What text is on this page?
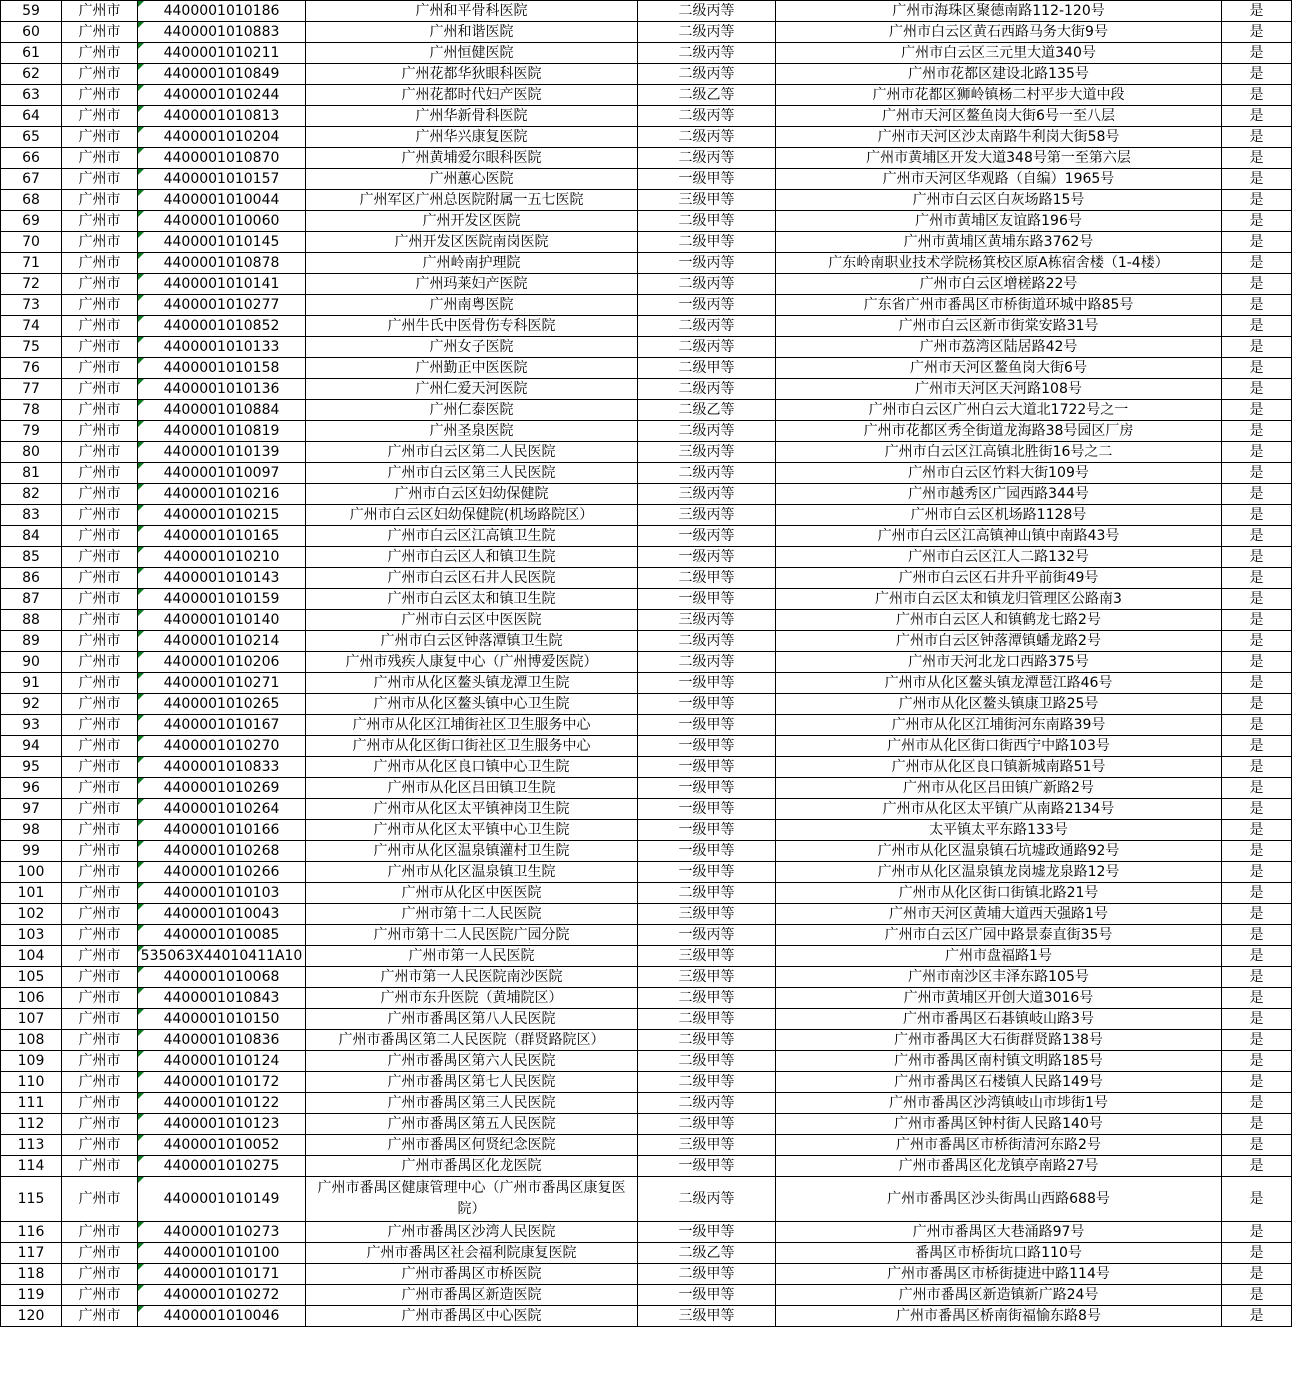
59	广州市	4400001010186	广州和平骨科医院	二级丙等	广州市海珠区聚德南路112-120号	是
60	广州市	4400001010883	广州和谐医院	二级丙等	广州市白云区黄石西路马务大街9号	是
61	广州市	4400001010211	广州恒健医院	二级丙等	广州市白云区三元里大道340号	是
62	广州市	4400001010849	广州花都华狄眼科医院	二级丙等	广州市花都区建设北路135号	是
63	广州市	4400001010244	广州花都时代妇产医院	二级乙等	广州市花都区狮岭镇杨二村平步大道中段	是
64	广州市	4400001010813	广州华新骨科医院	二级丙等	广州市天河区鳌鱼岗大街6号一至八层	是
65	广州市	4400001010204	广州华兴康复医院	二级丙等	广州市天河区沙太南路牛利岗大街58号	是
66	广州市	4400001010870	广州黄埔爱尔眼科医院	二级丙等	广州市黄埔区开发大道348号第一至第六层	是
67	广州市	4400001010157	广州蕙心医院	一级甲等	广州市天河区华观路（自编）1965号	是
68	广州市	4400001010044	广州军区广州总医院附属一五七医院	三级甲等	广州市白云区白灰场路15号	是
69	广州市	4400001010060	广州开发区医院	二级甲等	广州市黄埔区友谊路196号	是
70	广州市	4400001010145	广州开发区医院南岗医院	二级甲等	广州市黄埔区黄埔东路3762号	是
71	广州市	4400001010878	广州岭南护理院	一级丙等	广东岭南职业技术学院杨箕校区原A栋宿舍楼（1-4楼）	是
72	广州市	4400001010141	广州玛莱妇产医院	二级丙等	广州市白云区增槎路22号	是
73	广州市	4400001010277	广州南粤医院	一级丙等	广东省广州市番禺区市桥街道环城中路85号	是
74	广州市	4400001010852	广州牛氏中医骨伤专科医院	二级丙等	广州市白云区新市街棠安路31号	是
75	广州市	4400001010133	广州女子医院	二级丙等	广州市荔湾区陆居路42号	是
76	广州市	4400001010158	广州勤正中医医院	二级甲等	广州市天河区鳌鱼岗大街6号	是
77	广州市	4400001010136	广州仁爱天河医院	二级丙等	广州市天河区天河路108号	是
78	广州市	4400001010884	广州仁泰医院	二级乙等	广州市白云区广州白云大道北1722号之一	是
79	广州市	4400001010819	广州圣泉医院	二级丙等	广州市花都区秀全街道龙海路38号园区厂房	是
80	广州市	4400001010139	广州市白云区第二人民医院	三级丙等	广州市白云区江高镇北胜街16号之二	是
81	广州市	4400001010097	广州市白云区第三人民医院	二级丙等	广州市白云区竹料大街109号	是
82	广州市	4400001010216	广州市白云区妇幼保健院	三级丙等	广州市越秀区广园西路344号	是
83	广州市	4400001010215	广州市白云区妇幼保健院(机场路院区）	三级丙等	广州市白云区机场路1128号	是
84	广州市	4400001010165	广州市白云区江高镇卫生院	一级丙等	广州市白云区江高镇神山镇中南路43号	是
85	广州市	4400001010210	广州市白云区人和镇卫生院	一级丙等	广州市白云区江人二路132号	是
86	广州市	4400001010143	广州市白云区石井人民医院	二级甲等	广州市白云区石井升平前街49号	是
87	广州市	4400001010159	广州市白云区太和镇卫生院	一级甲等	广州市白云区太和镇龙归管理区公路南3	是
88	广州市	4400001010140	广州市白云区中医医院	三级丙等	广州市白云区人和镇鹤龙七路2号	是
89	广州市	4400001010214	广州市白云区钟落潭镇卫生院	二级丙等	广州市白云区钟落潭镇蟠龙路2号	是
90	广州市	4400001010206	广州市残疾人康复中心（广州博爱医院）	二级丙等	广州市天河北龙口西路375号	是
91	广州市	4400001010271	广州市从化区鳌头镇龙潭卫生院	一级甲等	广州市从化区鳌头镇龙潭琶江路46号	是
92	广州市	4400001010265	广州市从化区鳌头镇中心卫生院	一级甲等	广州市从化区鳌头镇康卫路25号	是
93	广州市	4400001010167	广州市从化区江埔街社区卫生服务中心	一级甲等	广州市从化区江埔街河东南路39号	是
94	广州市	4400001010270	广州市从化区街口街社区卫生服务中心	一级甲等	广州市从化区街口街西宁中路103号	是
95	广州市	4400001010833	广州市从化区良口镇中心卫生院	一级甲等	广州市从化区良口镇新城南路51号	是
96	广州市	4400001010269	广州市从化区吕田镇卫生院	一级甲等	广州市从化区吕田镇广新路2号	是
97	广州市	4400001010264	广州市从化区太平镇神岗卫生院	一级甲等	广州市从化区太平镇广从南路2134号	是
98	广州市	4400001010166	广州市从化区太平镇中心卫生院	一级甲等	太平镇太平东路133号	是
99	广州市	4400001010268	广州市从化区温泉镇灌村卫生院	一级甲等	广州市从化区温泉镇石坑墟政通路92号	是
100	广州市	4400001010266	广州市从化区温泉镇卫生院	一级甲等	广州市从化区温泉镇龙岗墟龙泉路12号	是
101	广州市	4400001010103	广州市从化区中医医院	二级甲等	广州市从化区街口街镇北路21号	是
102	广州市	4400001010043	广州市第十二人民医院	三级甲等	广州市天河区黄埔大道西天强路1号	是
103	广州市	4400001010085	广州市第十二人民医院广园分院	一级丙等	广州市白云区广园中路景泰直街35号	是
104	广州市	535063X44010411A10	广州市第一人民医院	三级甲等	广州市盘福路1号	是
105	广州市	4400001010068	广州市第一人民医院南沙医院	三级甲等	广州市南沙区丰泽东路105号	是
106	广州市	4400001010843	广州市东升医院（黄埔院区）	二级甲等	广州市黄埔区开创大道3016号	是
107	广州市	4400001010150	广州市番禺区第八人民医院	二级甲等	广州市番禺区石碁镇岐山路3号	是
108	广州市	4400001010836	广州市番禺区第二人民医院（群贤路院区）	二级甲等	广州市番禺区大石街群贤路138号	是
109	广州市	4400001010124	广州市番禺区第六人民医院	二级甲等	广州市番禺区南村镇文明路185号	是
110	广州市	4400001010172	广州市番禺区第七人民医院	二级甲等	广州市番禺区石楼镇人民路149号	是
111	广州市	4400001010122	广州市番禺区第三人民医院	二级丙等	广州市番禺区沙湾镇岐山市埗街1号	是
112	广州市	4400001010123	广州市番禺区第五人民医院	二级甲等	广州市番禺区钟村街人民路140号	是
113	广州市	4400001010052	广州市番禺区何贤纪念医院	三级甲等	广州市番禺区市桥街清河东路2号	是
114	广州市	4400001010275	广州市番禺区化龙医院	一级甲等	广州市番禺区化龙镇亭南路27号	是
115	广州市	4400001010149	广州市番禺区健康管理中心（广州市番禺区康复医院）	二级丙等	广州市番禺区沙头街禺山西路688号	是
116	广州市	4400001010273	广州市番禺区沙湾人民医院	一级甲等	广州市番禺区大巷涌路97号	是
117	广州市	4400001010100	广州市番禺区社会福利院康复医院	二级乙等	番禺区市桥街坑口路110号	是
118	广州市	4400001010171	广州市番禺区市桥医院	二级甲等	广州市番禺区市桥街捷进中路114号	是
119	广州市	4400001010272	广州市番禺区新造医院	一级甲等	广州市番禺区新造镇新广路24号	是
120	广州市	4400001010046	广州市番禺区中心医院	三级甲等	广州市番禺区桥南街福愉东路8号	是
